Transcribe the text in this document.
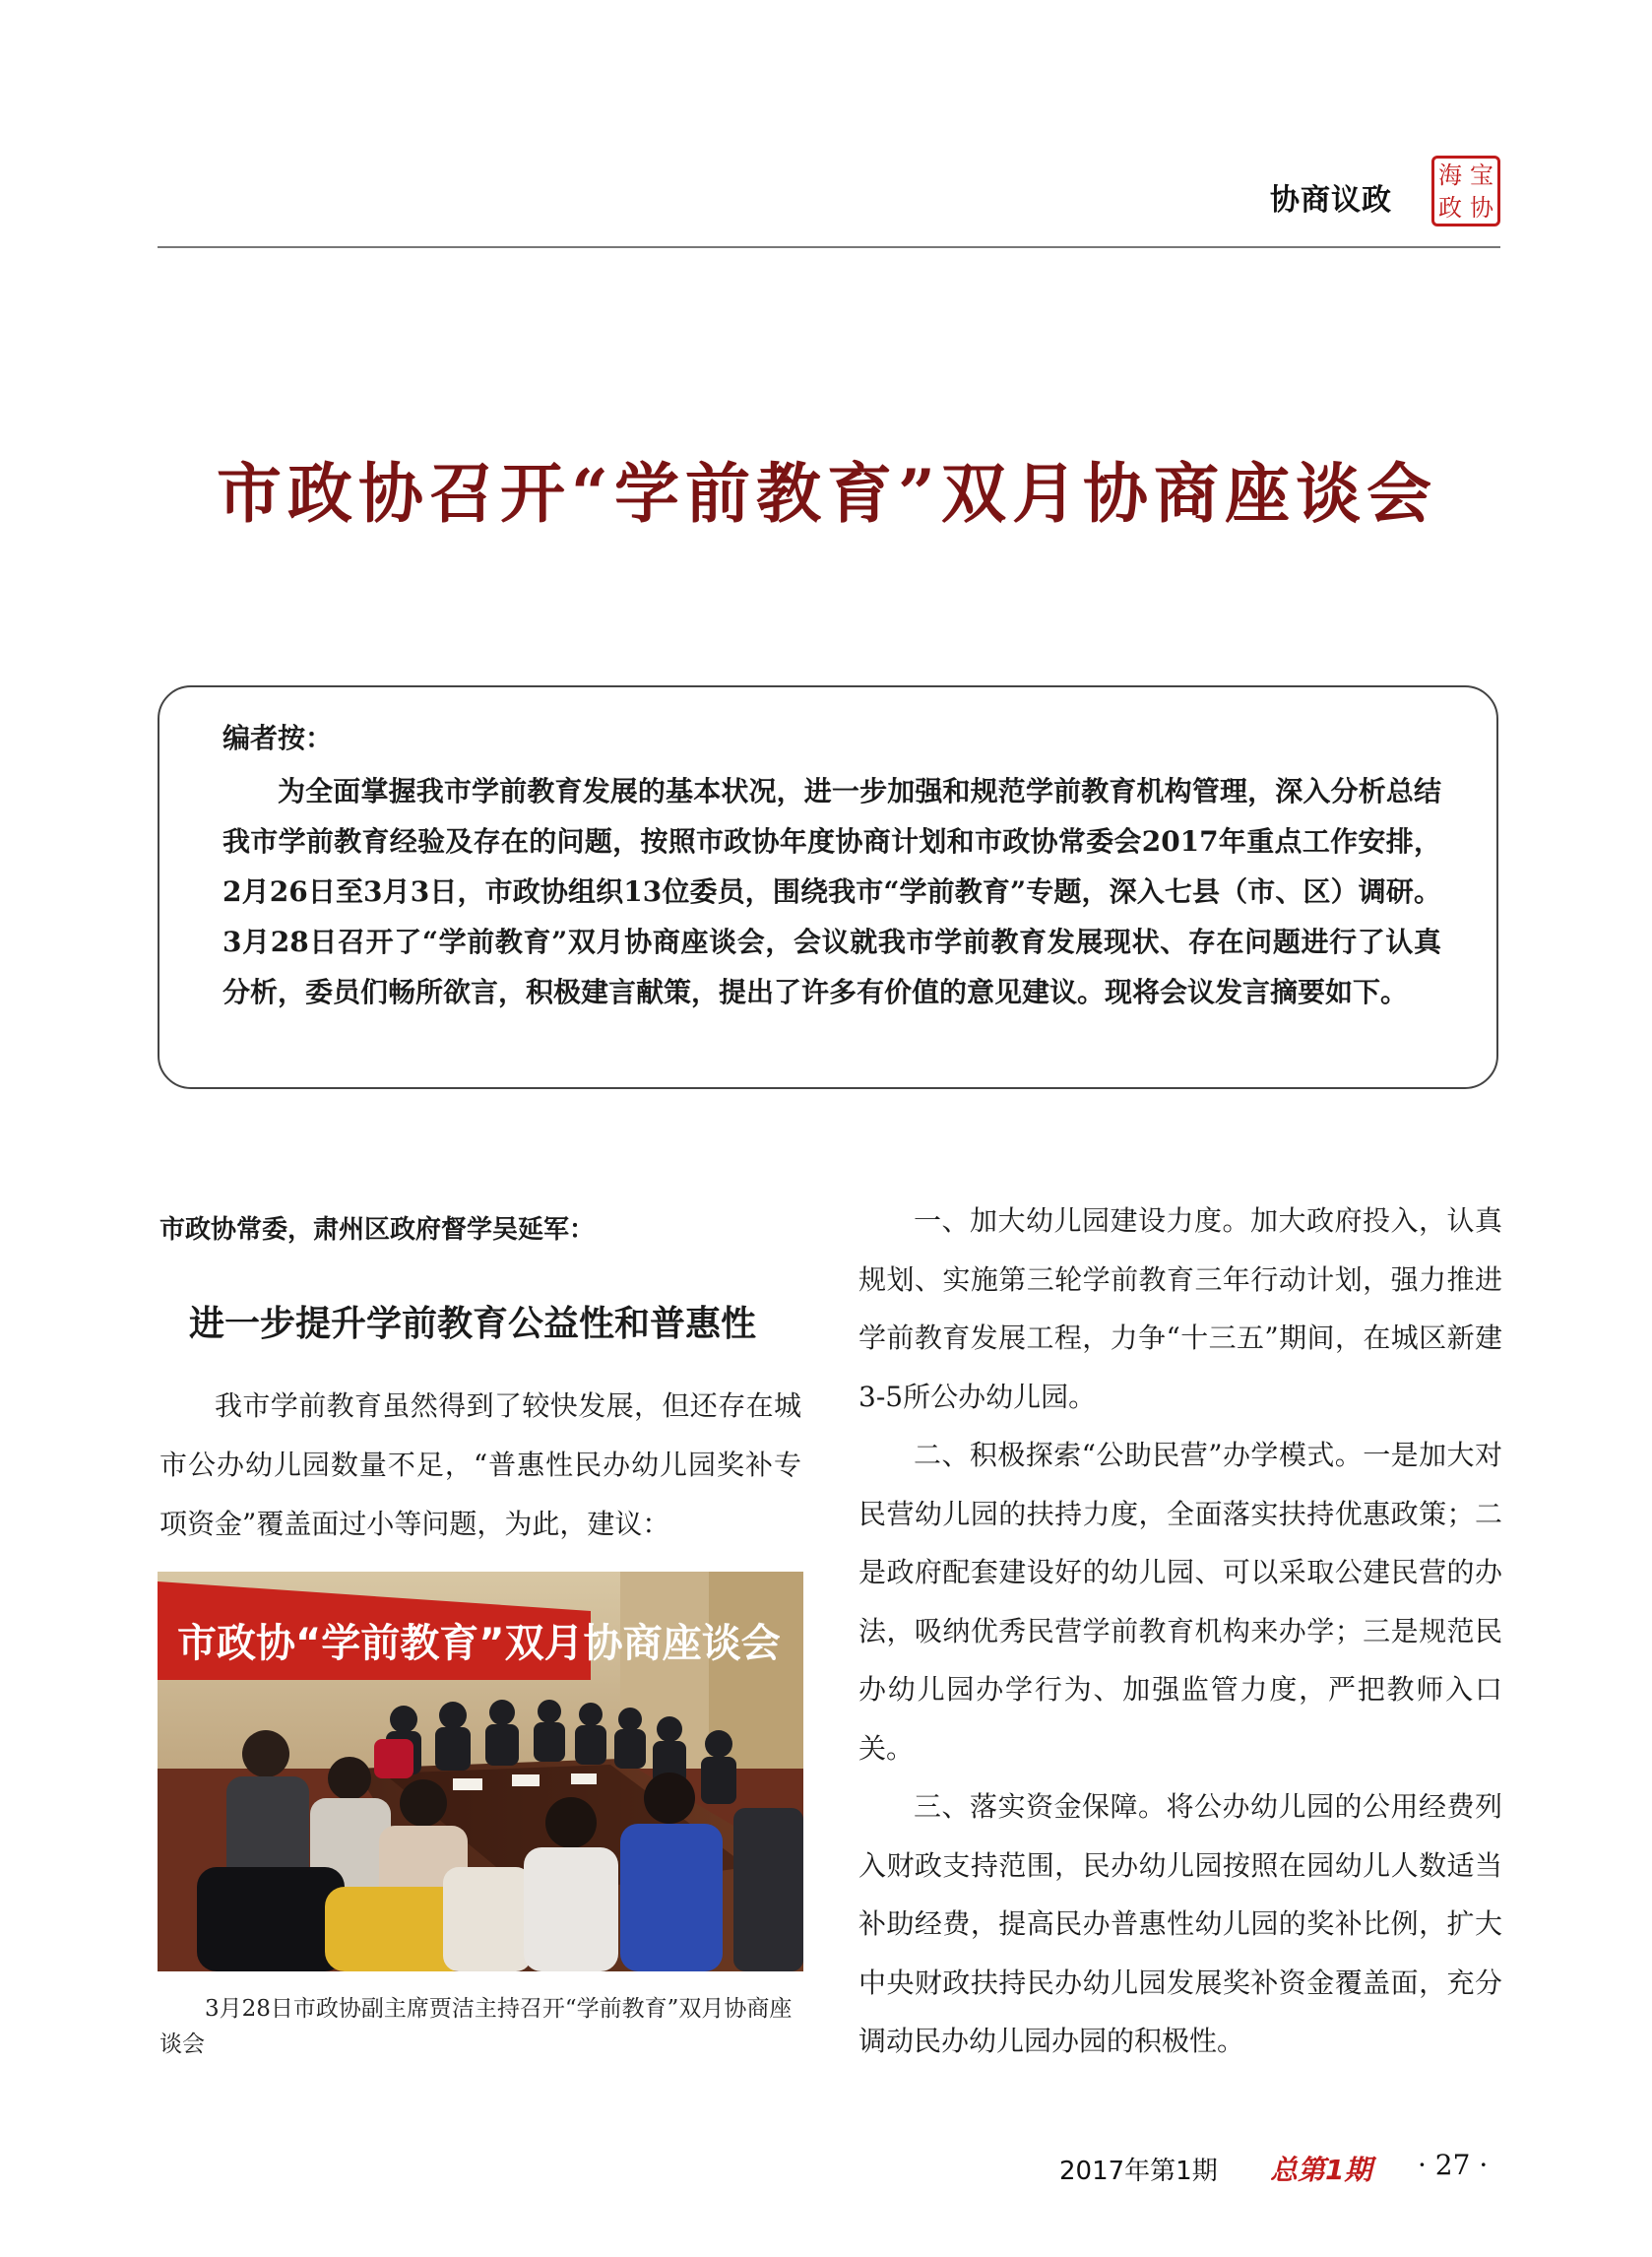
协商议政
海 宝
政 协
市政协召开“学前教育”双月协商座谈会

编者按：

为全面掌握我市学前教育发展的基本状况，进一步加强和规范学前教育机构管理，深入分析总结我市学前教育经验及存在的问题，按照市政协年度协商计划和市政协常委会2017年重点工作安排，2月26日至3月3日，市政协组织13位委员，围绕我市“学前教育”专题，深入七县（市、区）调研。3月28日召开了“学前教育”双月协商座谈会，会议就我市学前教育发展现状、存在问题进行了认真分析，委员们畅所欲言，积极建言献策，提出了许多有价值的意见建议。现将会议发言摘要如下。

市政协常委，肃州区政府督学吴延军：
进一步提升学前教育公益性和普惠性

我市学前教育虽然得到了较快发展，但还存在城市公办幼儿园数量不足，“普惠性民办幼儿园奖补专项资金”覆盖面过小等问题，为此，建议：

市政协“学前教育”双月协商座谈会
3月28日市政协副主席贾洁主持召开“学前教育”双月协商座谈会

一、加大幼儿园建设力度。加大政府投入，认真规划、实施第三轮学前教育三年行动计划，强力推进学前教育发展工程，力争“十三五”期间，在城区新建3-5所公办幼儿园。

二、积极探索“公助民营”办学模式。一是加大对民营幼儿园的扶持力度，全面落实扶持优惠政策；二是政府配套建设好的幼儿园、可以采取公建民营的办法，吸纳优秀民营学前教育机构来办学；三是规范民办幼儿园办学行为、加强监管力度，严把教师入口关。

三、落实资金保障。将公办幼儿园的公用经费列入财政支持范围，民办幼儿园按照在园幼儿人数适当补助经费，提高民办普惠性幼儿园的奖补比例，扩大中央财政扶持民办幼儿园发展奖补资金覆盖面，充分调动民办幼儿园办园的积极性。

2017年第1期 总第1期 · 27 ·
